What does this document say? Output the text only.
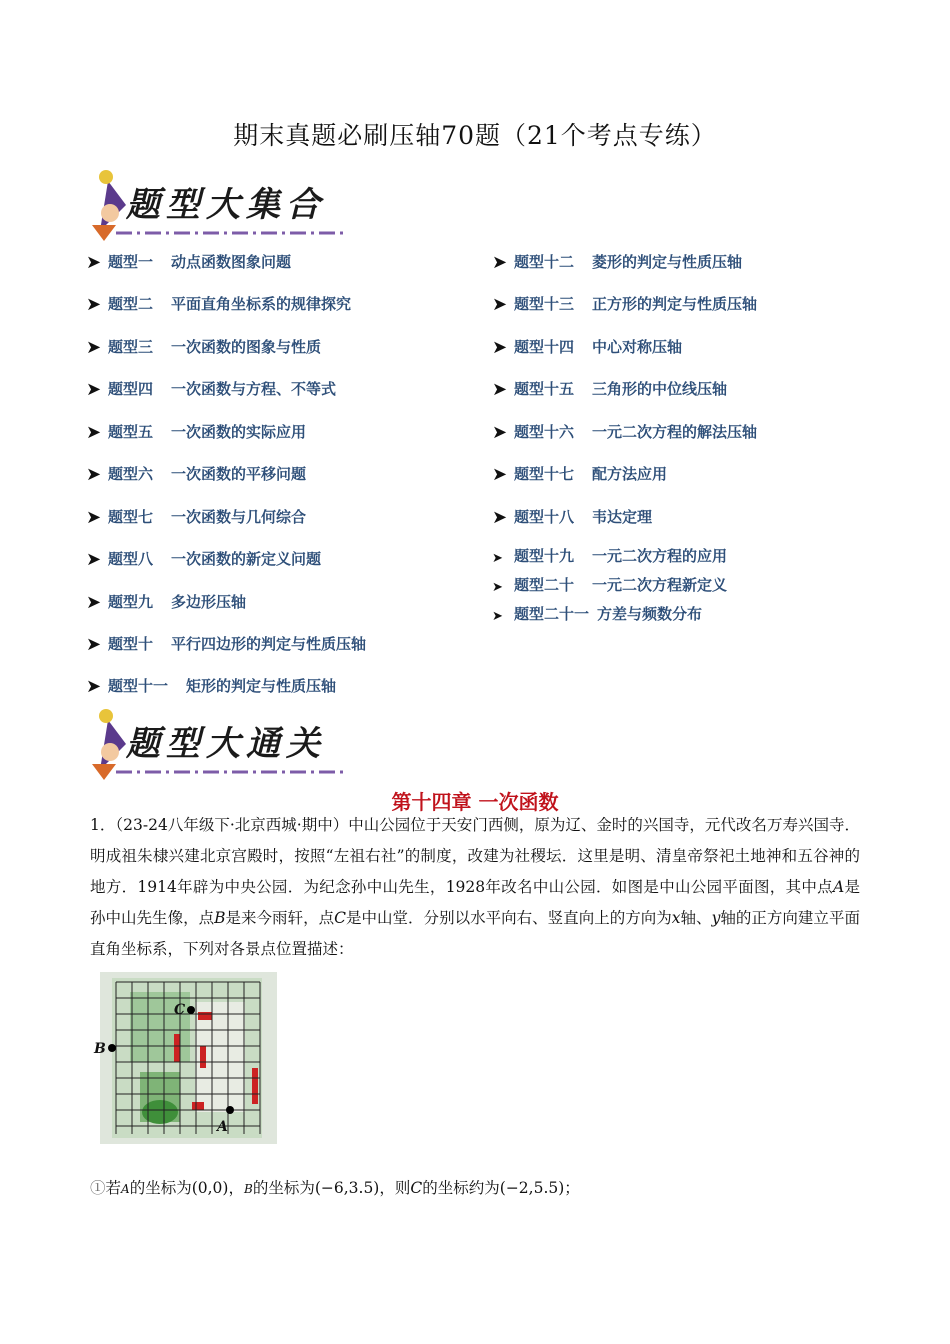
期末真题必刷压轴70题（21个考点专练）
题型大集合
➤ 题型一 动点函数图象问题
➤ 题型二 平面直角坐标系的规律探究
➤ 题型三 一次函数的图象与性质
➤ 题型四 一次函数与方程、不等式
➤ 题型五 一次函数的实际应用
➤ 题型六 一次函数的平移问题
➤ 题型七 一次函数与几何综合
➤ 题型八 一次函数的新定义问题
➤ 题型九 多边形压轴
➤ 题型十 平行四边形的判定与性质压轴
➤ 题型十一 矩形的判定与性质压轴
➤ 题型十二 菱形的判定与性质压轴
➤ 题型十三 正方形的判定与性质压轴
➤ 题型十四 中心对称压轴
➤ 题型十五 三角形的中位线压轴
➤ 题型十六 一元二次方程的解法压轴
➤ 题型十七 配方法应用
➤ 题型十八 韦达定理
➤ 题型十九 一元二次方程的应用
➤ 题型二十 一元二次方程新定义
➤ 题型二十一 方差与频数分布
题型大通关
第十四章 一次函数
1．（23-24八年级下·北京西城·期中）中山公园位于天安门西侧，原为辽、金时的兴国寺，元代改名万寿兴国寺．明成祖朱棣兴建北京宫殿时，按照“左祖右社”的制度，改建为社稷坛．这里是明、清皇帝祭祀土地神和五谷神的地方．1914年辟为中央公园．为纪念孙中山先生，1928年改名中山公园．如图是中山公园平面图，其中点A是孙中山先生像，点B是来今雨轩，点C是中山堂．分别以水平向右、竖直向上的方向为x轴、y轴的正方向建立平面直角坐标系，下列对各景点位置描述：
C
B
A
①若A的坐标为(0,0)，B的坐标为(−6,3.5)，则C的坐标约为(−2,5.5)；
